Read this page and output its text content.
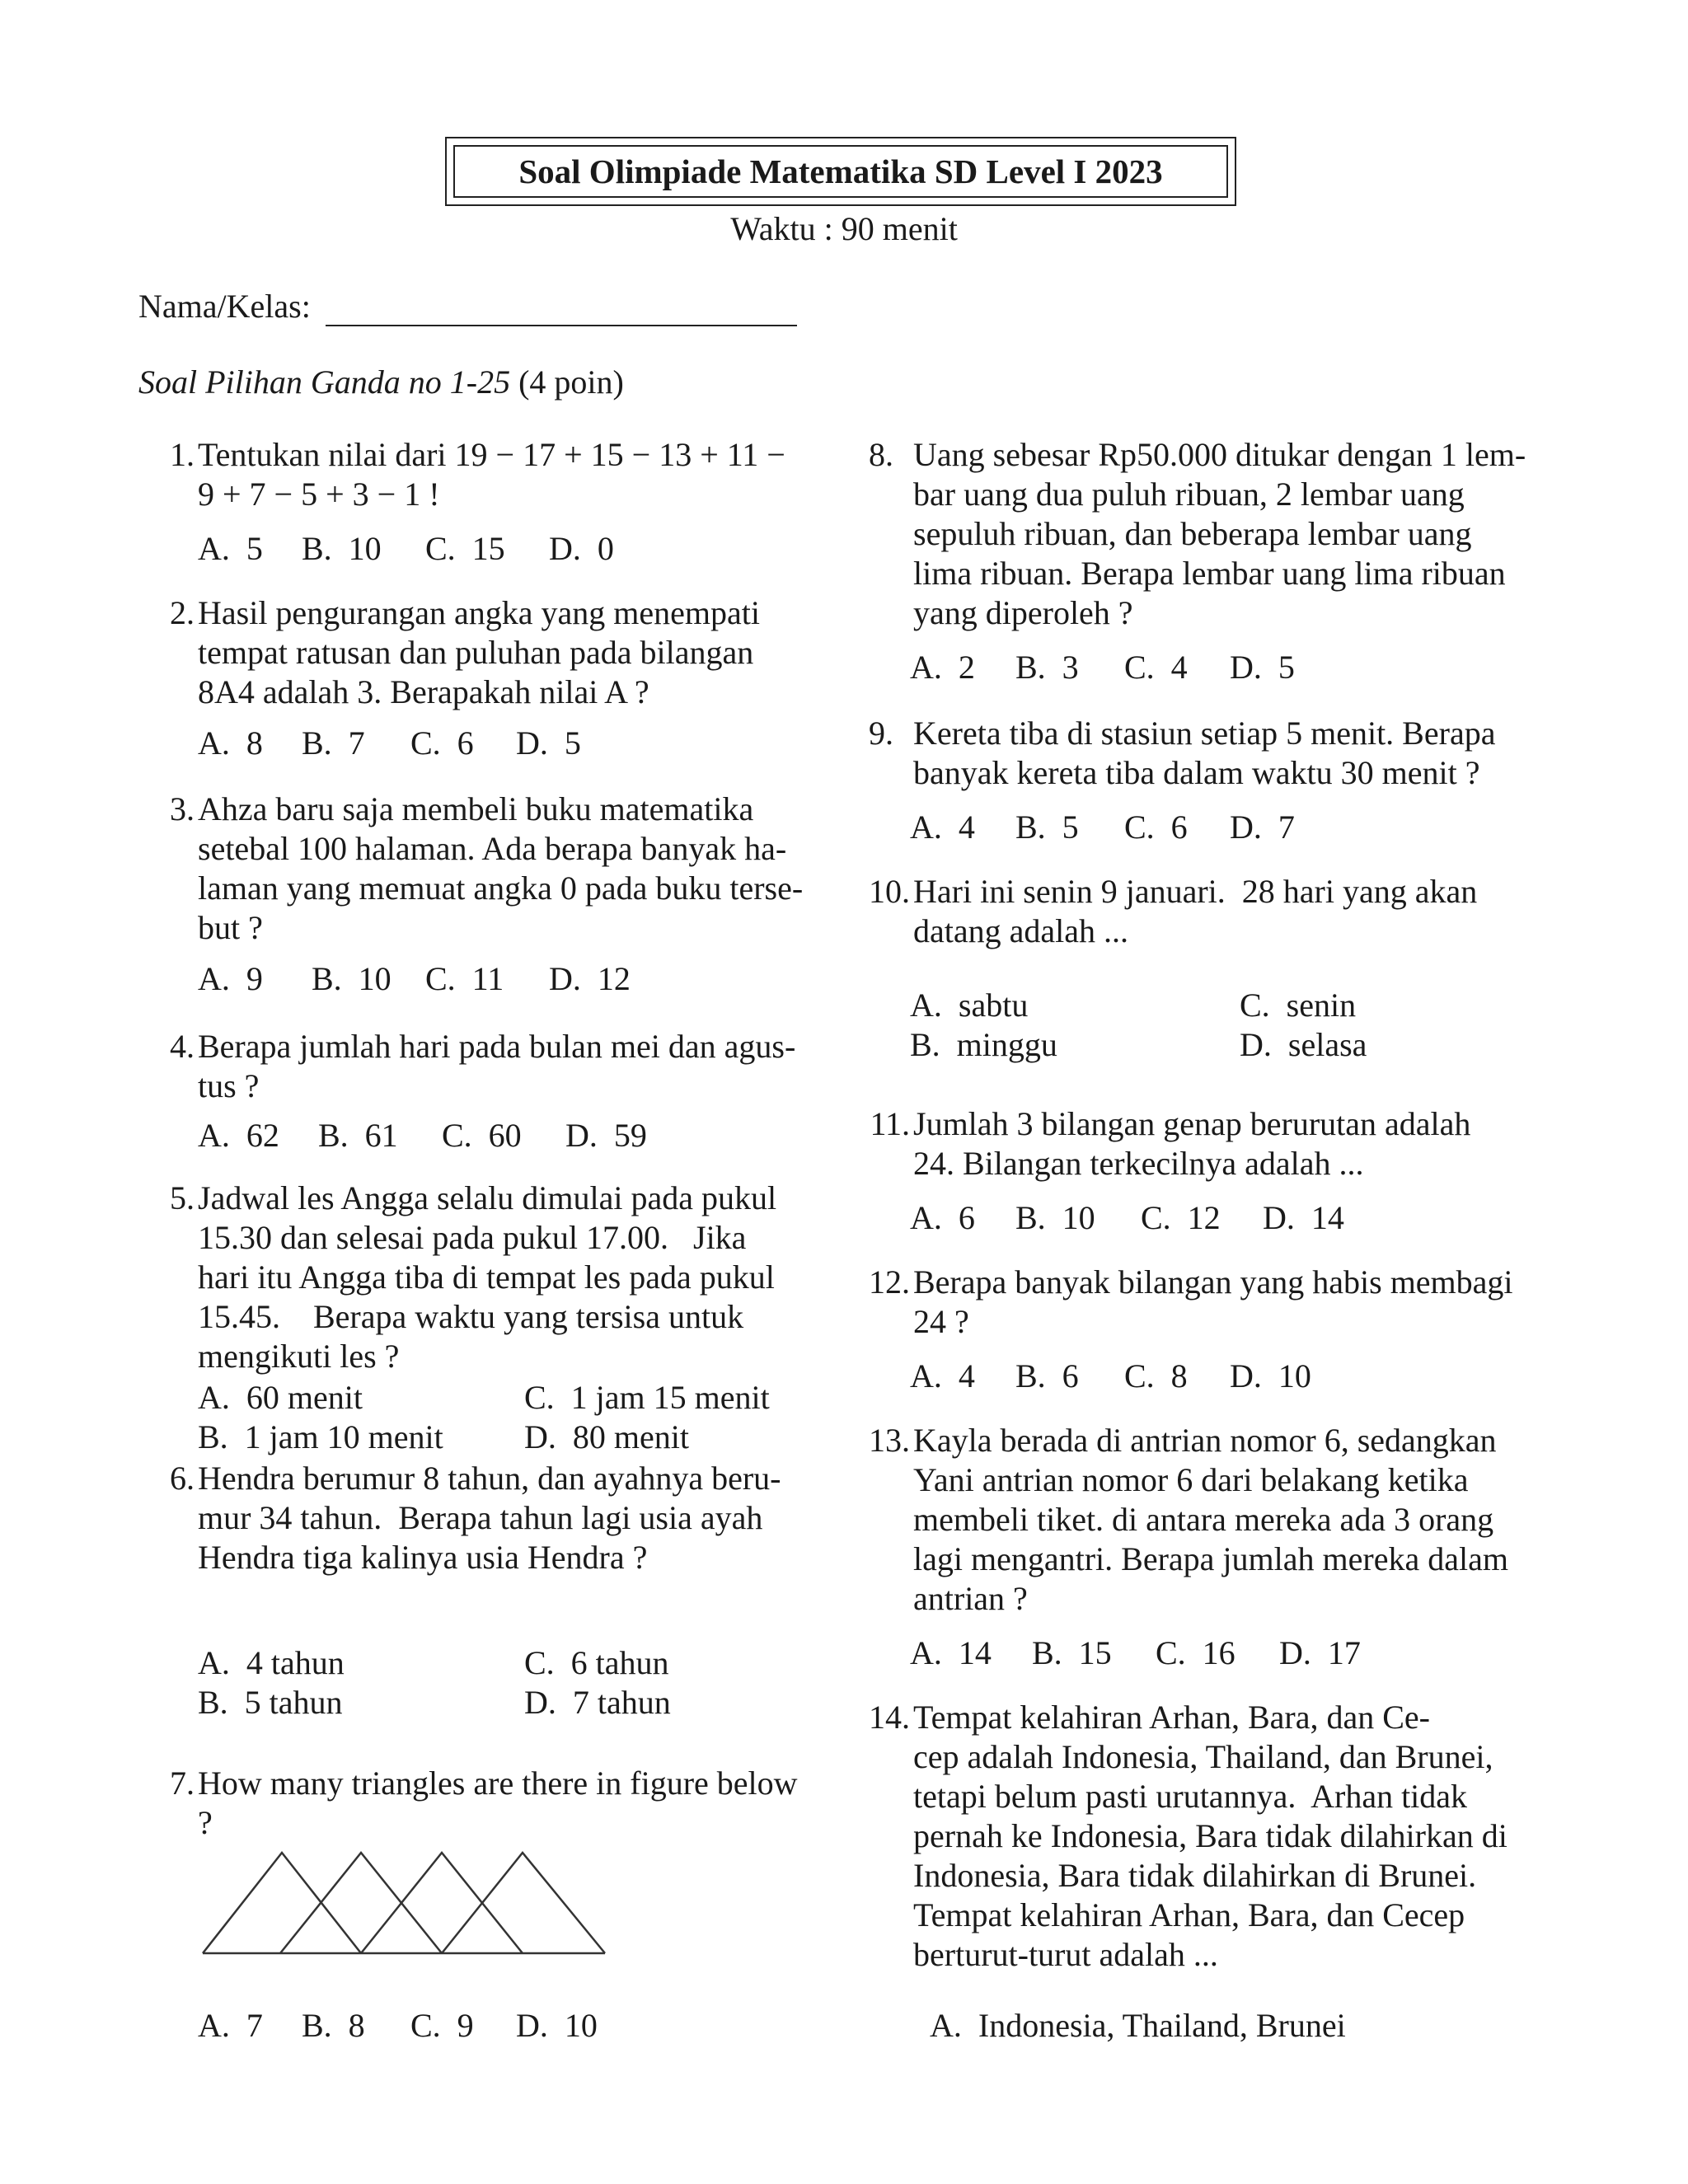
Soal Olimpiade Matematika SD Level I 2023
Waktu : 90 menit
Nama/Kelas:
Soal Pilihan Ganda no 1-25 (4 poin)
1. Tentukan nilai dari 19 − 17 + 15 − 13 + 11 −
9 + 7 − 5 + 3 − 1 !
A.  5 B.  10 C.  15 D.  0
2. Hasil pengurangan angka yang menempati
tempat ratusan dan puluhan pada bilangan
8A4 adalah 3. Berapakah nilai A ?
A.  8 B.  7 C.  6 D.  5
3. Ahza baru saja membeli buku matematika
setebal 100 halaman. Ada berapa banyak ha-
laman yang memuat angka 0 pada buku terse-
but ?
A.  9 B.  10 C.  11 D.  12
4. Berapa jumlah hari pada bulan mei dan agus-
tus ?
A.  62 B.  61 C.  60 D.  59
5. Jadwal les Angga selalu dimulai pada pukul
15.30 dan selesai pada pukul 17.00.   Jika
hari itu Angga tiba di tempat les pada pukul
15.45.    Berapa waktu yang tersisa untuk
mengikuti les ?
A.  60 menit
B.  1 jam 10 menit
C.  1 jam 15 menit
D.  80 menit
6. Hendra berumur 8 tahun, dan ayahnya beru-
mur 34 tahun.  Berapa tahun lagi usia ayah
Hendra tiga kalinya usia Hendra ?
A.  4 tahun
B.  5 tahun
C.  6 tahun
D.  7 tahun
7. How many triangles are there in figure below
?
A.  7 B.  8 C.  9 D.  10
8. Uang sebesar Rp50.000 ditukar dengan 1 lem-
bar uang dua puluh ribuan, 2 lembar uang
sepuluh ribuan, dan beberapa lembar uang
lima ribuan. Berapa lembar uang lima ribuan
yang diperoleh ?
A.  2 B.  3 C.  4 D.  5
9. Kereta tiba di stasiun setiap 5 menit. Berapa
banyak kereta tiba dalam waktu 30 menit ?
A.  4 B.  5 C.  6 D.  7
10. Hari ini senin 9 januari.  28 hari yang akan
datang adalah ...
A.  sabtu
B.  minggu
C.  senin
D.  selasa
11. Jumlah 3 bilangan genap berurutan adalah
24. Bilangan terkecilnya adalah ...
A.  6 B.  10 C.  12 D.  14
12. Berapa banyak bilangan yang habis membagi
24 ?
A.  4 B.  6 C.  8 D.  10
13. Kayla berada di antrian nomor 6, sedangkan
Yani antrian nomor 6 dari belakang ketika
membeli tiket. di antara mereka ada 3 orang
lagi mengantri. Berapa jumlah mereka dalam
antrian ?
A.  14 B.  15 C.  16 D.  17
14. Tempat kelahiran Arhan, Bara, dan Ce-
cep adalah Indonesia, Thailand, dan Brunei,
tetapi belum pasti urutannya.  Arhan tidak
pernah ke Indonesia, Bara tidak dilahirkan di
Indonesia, Bara tidak dilahirkan di Brunei.
Tempat kelahiran Arhan, Bara, dan Cecep
berturut-turut adalah ...
A.  Indonesia, Thailand, Brunei
